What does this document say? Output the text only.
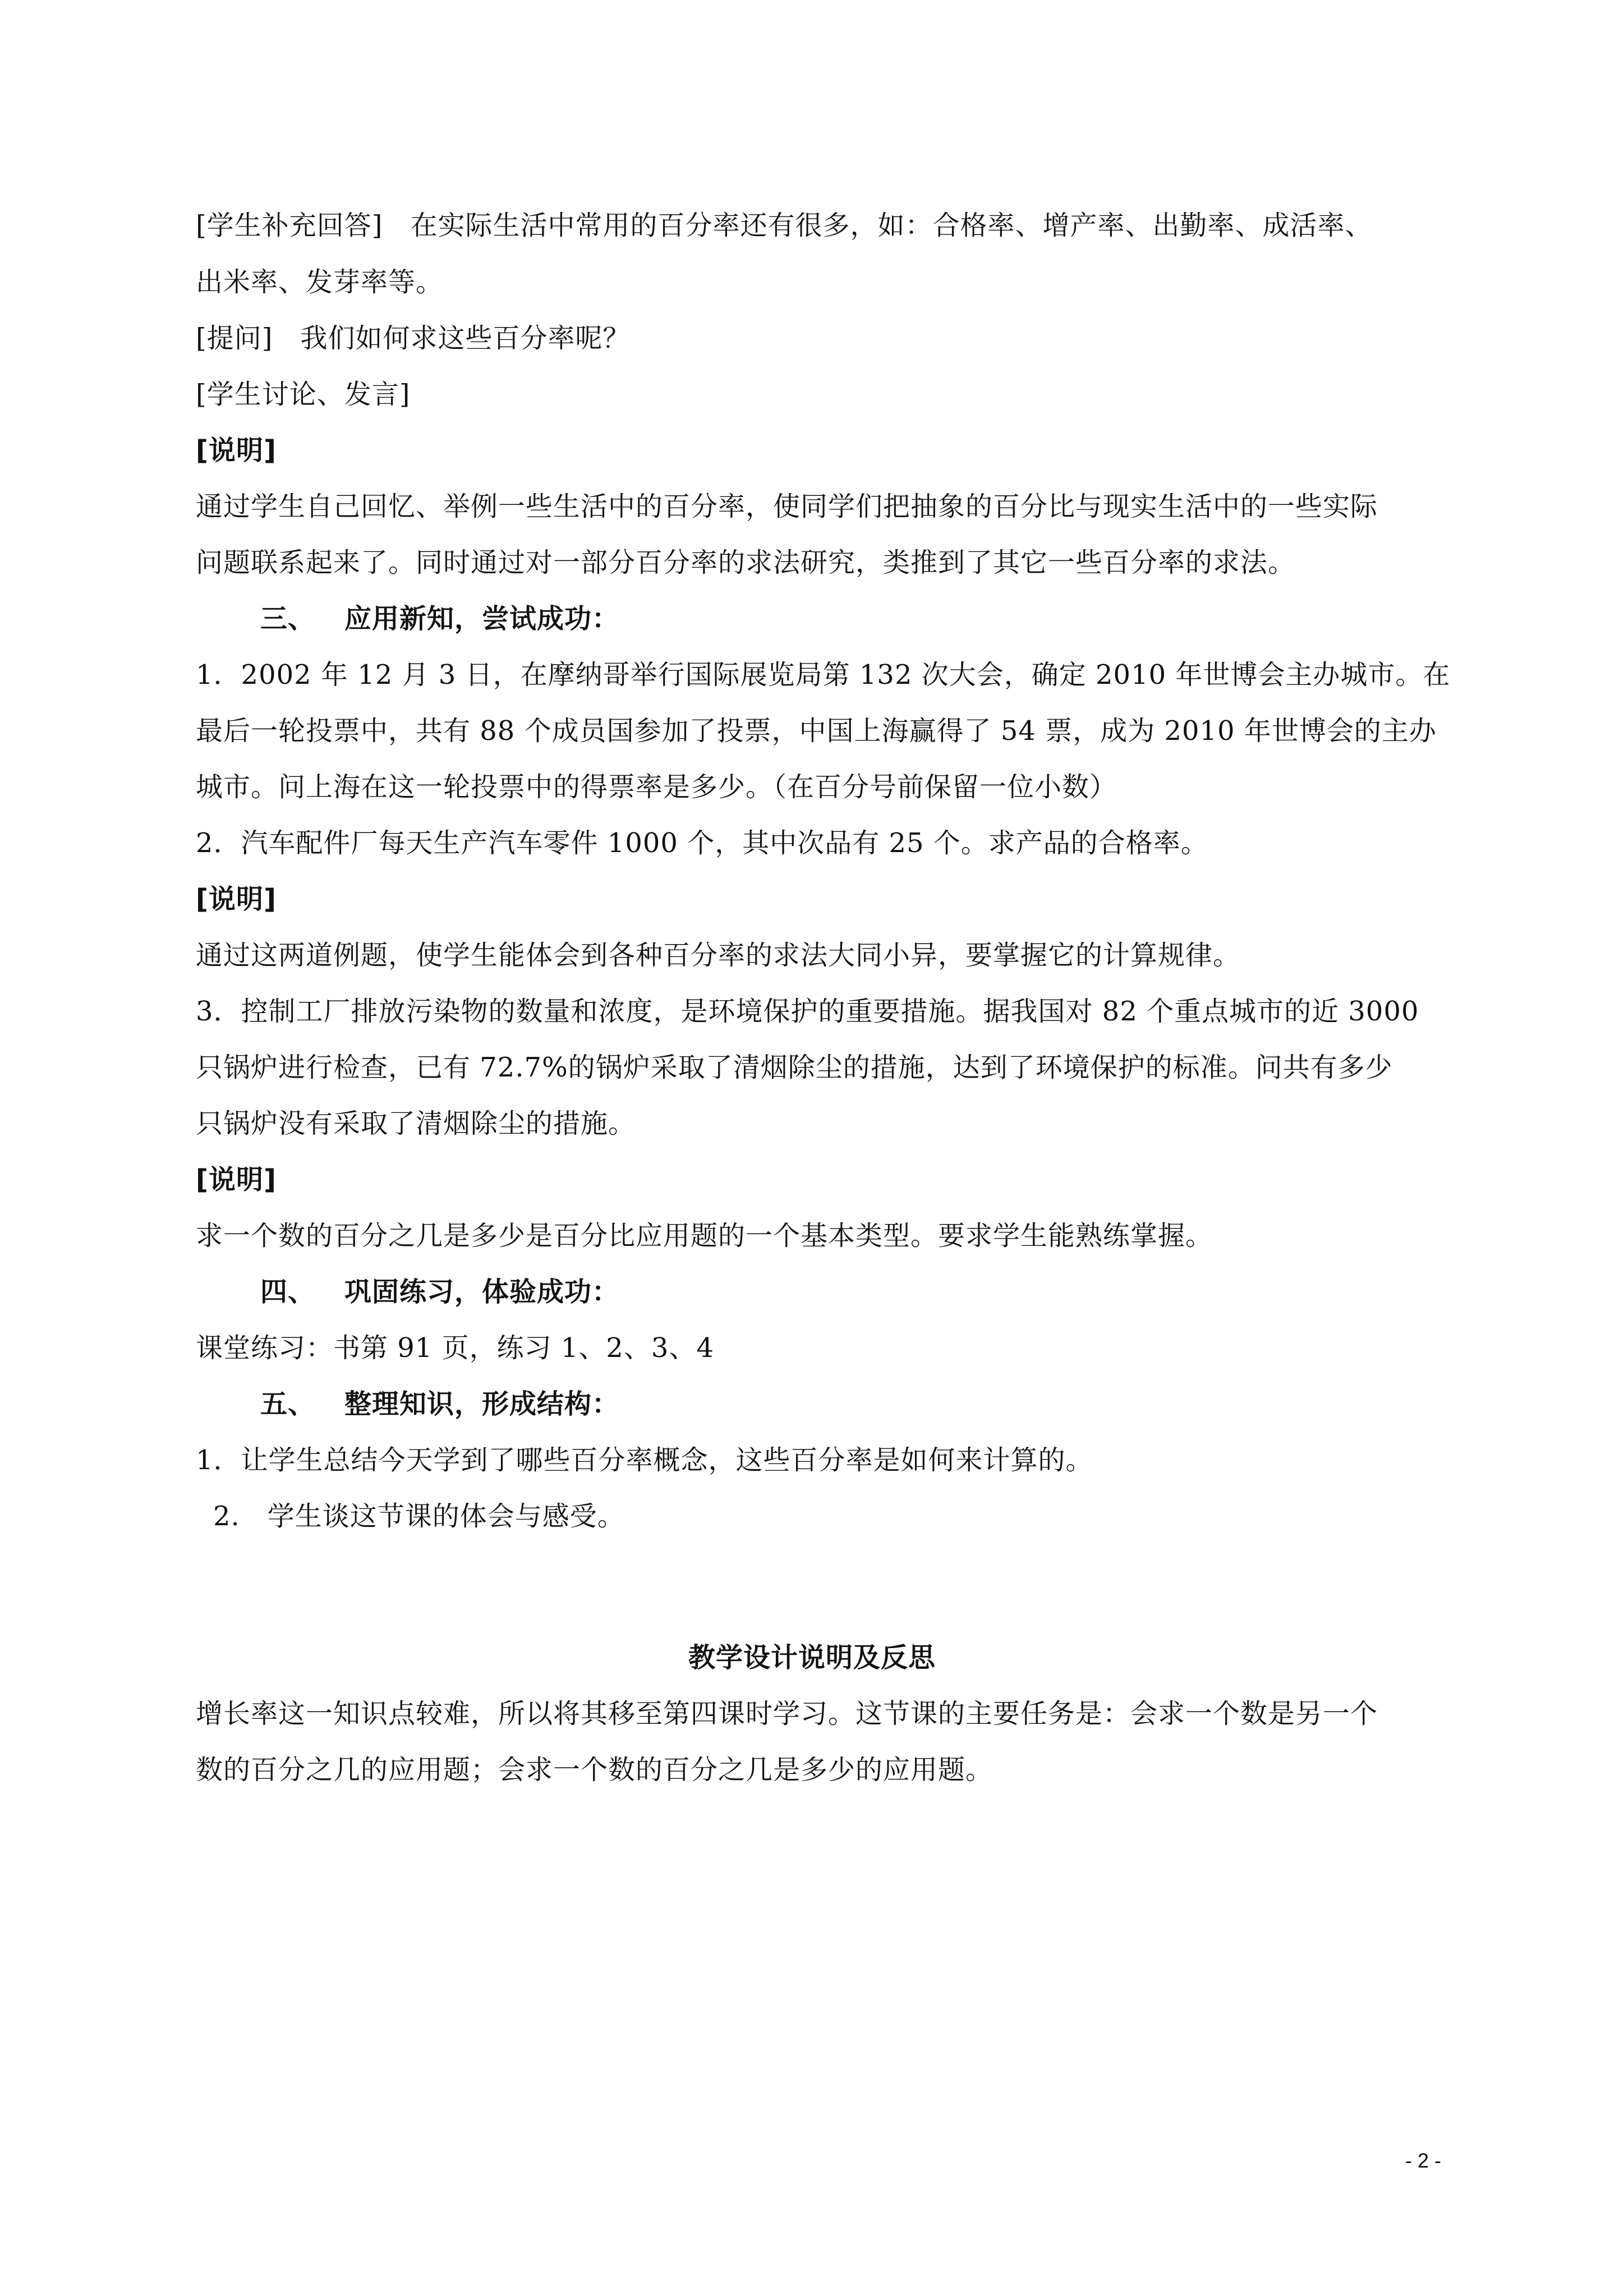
[学生补充回答]　在实际生活中常用的百分率还有很多，如：合格率、增产率、出勤率、成活率、
出米率、发芽率等。
[提问]　我们如何求这些百分率呢？
[学生讨论、发言]
[说明]
通过学生自己回忆、举例一些生活中的百分率，使同学们把抽象的百分比与现实生活中的一些实际
问题联系起来了。同时通过对一部分百分率的求法研究，类推到了其它一些百分率的求法。
三、 应用新知，尝试成功：
1．2002 年 12 月 3 日，在摩纳哥举行国际展览局第 132 次大会，确定 2010 年世博会主办城市。在
最后一轮投票中，共有 88 个成员国参加了投票，中国上海赢得了 54 票，成为 2010 年世博会的主办
城市。问上海在这一轮投票中的得票率是多少。（在百分号前保留一位小数）
2．汽车配件厂每天生产汽车零件 1000 个，其中次品有 25 个。求产品的合格率。
[说明]
通过这两道例题，使学生能体会到各种百分率的求法大同小异，要掌握它的计算规律。
3．控制工厂排放污染物的数量和浓度，是环境保护的重要措施。据我国对 82 个重点城市的近 3000
只锅炉进行检查，已有 72.7%的锅炉采取了清烟除尘的措施，达到了环境保护的标准。问共有多少
只锅炉没有采取了清烟除尘的措施。
[说明]
求一个数的百分之几是多少是百分比应用题的一个基本类型。要求学生能熟练掌握。
四、 巩固练习，体验成功：
课堂练习：书第 91 页，练习 1、2、3、4
五、 整理知识，形成结构：
1．让学生总结今天学到了哪些百分率概念，这些百分率是如何来计算的。
2.　学生谈这节课的体会与感受。
教学设计说明及反思
增长率这一知识点较难，所以将其移至第四课时学习。这节课的主要任务是：会求一个数是另一个
数的百分之几的应用题；会求一个数的百分之几是多少的应用题。
- 2 -
